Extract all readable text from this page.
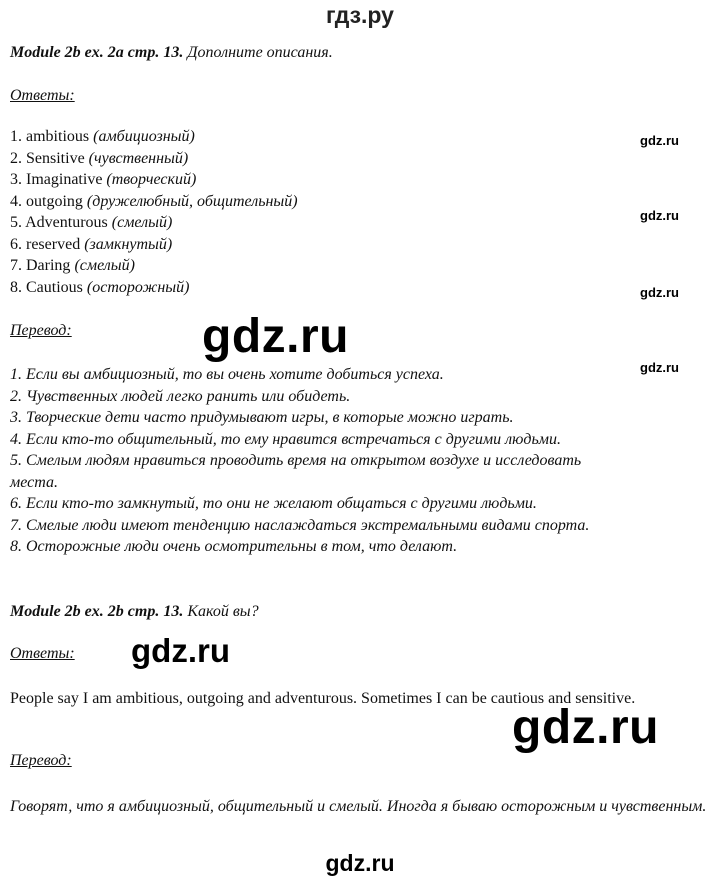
гдз.ру
Module 2b ex. 2a стр. 13. Дополните описания.
Ответы:
1. ambitious (амбициозный)
2. Sensitive (чувственный)
3. Imaginative (творческий)
4. outgoing (дружелюбный, общительный)
5. Adventurous (смелый)
6. reserved (замкнутый)
7. Daring (смелый)
8. Cautious (осторожный)
Перевод:
1. Если вы амбициозный, то вы очень хотите добиться успеха.
2. Чувственных людей легко ранить или обидеть.
3. Творческие дети часто придумывают игры, в которые можно играть.
4. Если кто-то общительный, то ему нравится встречаться с другими людьми.
5. Смелым людям нравиться проводить время на открытом воздухе и исследовать
места.
6. Если кто-то замкнутый, то они не желают общаться с другими людьми.
7. Смелые люди имеют тенденцию наслаждаться экстремальными видами спорта.
8. Осторожные люди очень осмотрительны в том, что делают.
Module 2b ex. 2b стр. 13. Какой вы?
Ответы:
People say I am ambitious, outgoing and adventurous. Sometimes I can be cautious and sensitive.
Перевод:
Говорят, что я амбициозный, общительный и смелый. Иногда я бываю осторожным и чувственным.
gdz.ru
gdz.ru
gdz.ru
gdz.ru
gdz.ru
gdz.ru
gdz.ru
gdz.ru
